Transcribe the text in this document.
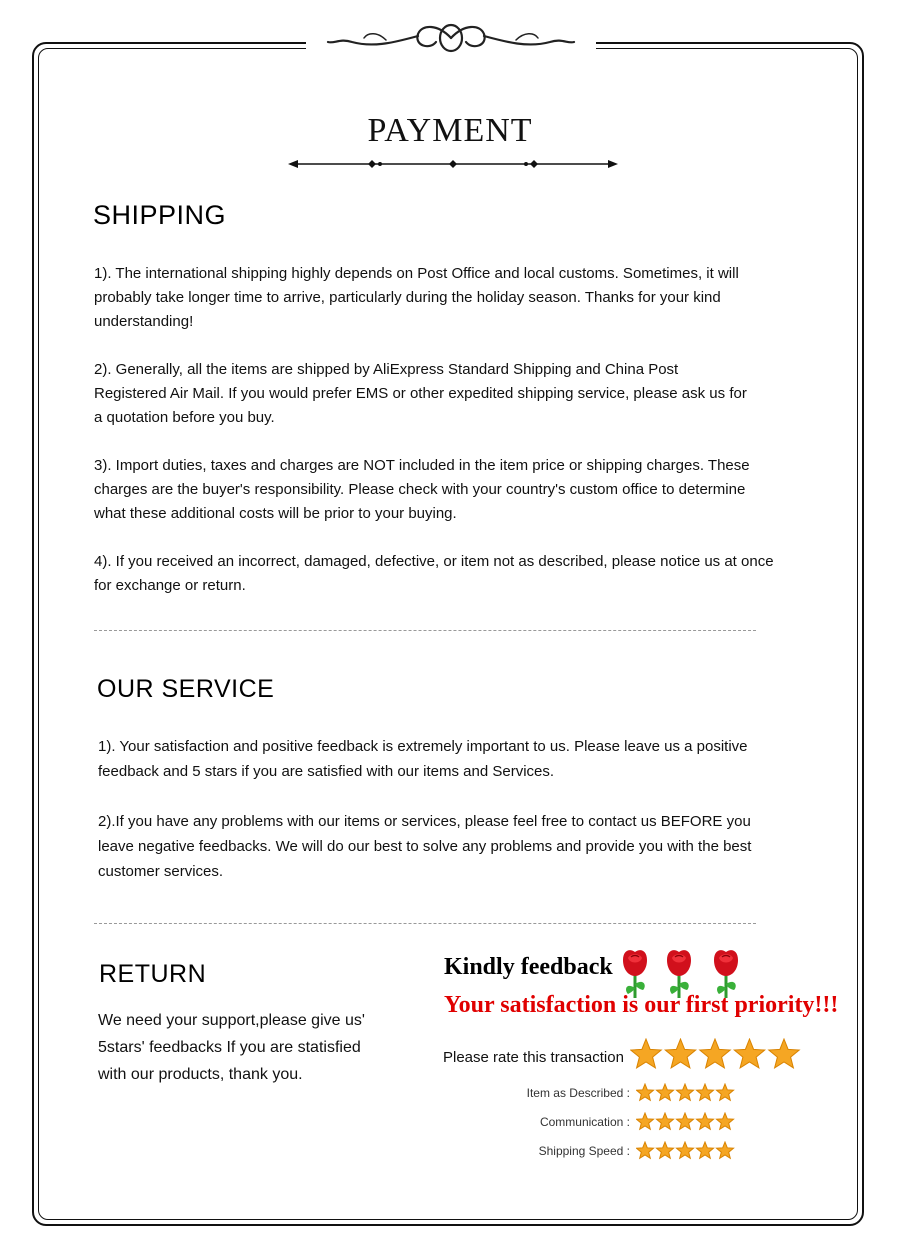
PAYMENT
SHIPPING

1). The international shipping highly depends on Post Office and local customs. Sometimes, it will probably take longer time to arrive, particularly during the holiday season. Thanks for your kind understanding!

2). Generally, all the items are shipped by AliExpress Standard Shipping and China Post Registered Air Mail. If you would prefer EMS or other expedited shipping service, please ask us for a quotation before you buy.

3). Import duties, taxes and charges are NOT included in the item price or shipping charges. These charges are the buyer's responsibility. Please check with your country's custom office to determine what these additional costs will be prior to your buying.

4). If you received an incorrect, damaged, defective, or item not as described, please notice us at once for exchange or return.

OUR SERVICE

1). Your satisfaction and positive feedback is extremely important to us. Please leave us a positive feedback and 5 stars if you are satisfied with our items and Services.

2).If you have any problems with our items or services, please feel free to contact us BEFORE you leave negative feedbacks. We will do our best to solve any problems and provide you with the best customer services.

RETURN

We need your support,please give us' 5stars' feedbacks If you are statisfied with our products, thank you.

Kindly feedback
Your satisfaction is our first priority!!!
Please rate this transaction
Item as Described :
Communication :
Shipping Speed :
